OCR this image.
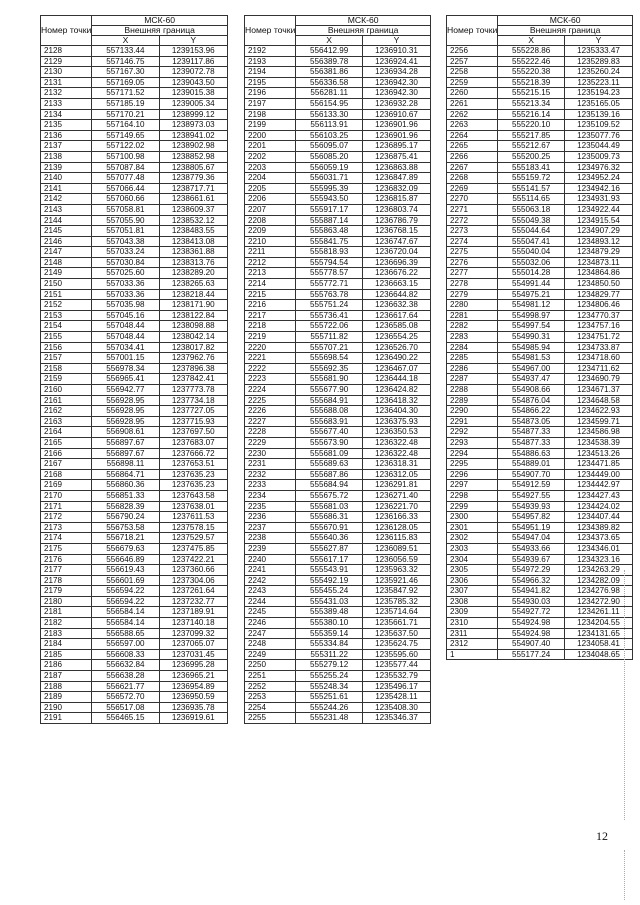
Номер точки	МСК-60	
	Внешняя граница	
	X	Y
2128	557133.44	1239153.96
2129	557146.75	1239117.86
2130	557167.30	1239072.78
2131	557169.05	1239043.50
2132	557171.52	1239015.38
2133	557185.19	1239005.34
2134	557170.21	1238999.12
2135	557164.10	1238973.03
2136	557149.65	1238941.02
2137	557122.02	1238902.98
2138	557100.98	1238852.98
2139	557087.84	1238805.67
2140	557077.48	1238779.36
2141	557066.44	1238717.71
2142	557060.66	1238661.61
2143	557058.81	1238609.37
2144	557055.90	1238532.12
2145	557051.81	1238483.55
2146	557043.38	1238413.08
2147	557033.24	1238361.88
2148	557030.84	1238313.76
2149	557025.60	1238289.20
2150	557033.36	1238265.63
2151	557033.36	1238218.44
2152	557035.98	1238171.90
2153	557045.16	1238122.84
2154	557048.44	1238098.88
2155	557048.44	1238042.14
2156	557034.41	1238017.82
2157	557001.15	1237962.76
2158	556978.34	1237896.38
2159	556965.41	1237842.41
2160	556942.77	1237773.78
2161	556928.95	1237734.18
2162	556928.95	1237727.05
2163	556928.95	1237715.93
2164	556908.61	1237697.50
2165	556897.67	1237683.07
2166	556897.67	1237666.72
2167	556898.11	1237653.51
2168	556864.71	1237635.23
2169	556860.36	1237635.23
2170	556851.33	1237643.58
2171	556828.39	1237638.01
2172	556790.24	1237611.53
2173	556753.58	1237578.15
2174	556718.21	1237529.57
2175	556679.63	1237475.85
2176	556646.89	1237422.21
2177	556619.43	1237360.66
2178	556601.69	1237304.06
2179	556594.22	1237261.64
2180	556594.22	1237232.77
2181	556584.14	1237189.91
2182	556584.14	1237140.18
2183	556588.65	1237099.32
2184	556597.00	1237065.07
2185	556608.33	1237031.45
2186	556632.84	1236995.28
2187	556638.28	1236965.21
2188	556621.77	1236954.89
2189	556572.70	1236950.59
2190	556517.08	1236935.78
2191	556465.15	1236919.61
Номер точки	МСК-60	
	Внешняя граница	
	X	Y
2192	556412.99	1236910.31
2193	556389.78	1236924.41
2194	556381.86	1236934.28
2195	556336.58	1236942.30
2196	556281.11	1236942.30
2197	556154.95	1236932.28
2198	556133.30	1236910.67
2199	556113.91	1236901.96
2200	556103.25	1236901.96
2201	556095.07	1236895.17
2202	556085.20	1236875.41
2203	556059.19	1236863.88
2204	556031.71	1236847.89
2205	555995.39	1236832.09
2206	555943.50	1236815.87
2207	555917.17	1236803.74
2208	555887.14	1236786.79
2209	555863.48	1236768.15
2210	555841.75	1236747.67
2211	555818.93	1236720.04
2212	555794.54	1236696.39
2213	555778.57	1236676.22
2214	555772.71	1236663.15
2215	555763.78	1236644.82
2216	555751.24	1236632.38
2217	555736.41	1236617.64
2218	555722.06	1236585.08
2219	555711.82	1236554.25
2220	555707.21	1236526.70
2221	555698.54	1236490.22
2222	555692.35	1236467.07
2223	555681.90	1236444.18
2224	555677.90	1236424.82
2225	555684.91	1236418.32
2226	555688.08	1236404.30
2227	555683.91	1236375.93
2228	555677.40	1236350.53
2229	555673.90	1236322.48
2230	555681.09	1236322.48
2231	555689.63	1236318.31
2232	555687.86	1236312.05
2233	555684.94	1236291.81
2234	555675.72	1236271.40
2235	555681.03	1236221.70
2236	555686.31	1236166.33
2237	555670.91	1236128.05
2238	555640.36	1236115.83
2239	555627.87	1236089.51
2240	555617.17	1236056.59
2241	555543.91	1235963.32
2242	555492.19	1235921.46
2243	555455.24	1235847.92
2244	555431.03	1235785.32
2245	555389.48	1235714.64
2246	555380.10	1235661.71
2247	555359.14	1235637.50
2248	555334.84	1235624.75
2249	555311.22	1235595.60
2250	555279.12	1235577.44
2251	555255.24	1235532.79
2252	555248.34	1235496.17
2253	555251.61	1235428.11
2254	555244.26	1235408.30
2255	555231.48	1235346.37
Номер точки	МСК-60	
	Внешняя граница	
	X	Y
2256	555228.86	1235333.47
2257	555222.46	1235289.83
2258	555220.38	1235260.24
2259	555218.39	1235223.11
2260	555215.15	1235194.23
2261	555213.34	1235165.05
2262	555216.14	1235139.16
2263	555220.10	1235109.52
2264	555217.85	1235077.76
2265	555212.67	1235044.49
2266	555200.25	1235009.73
2267	555183.41	1234976.32
2268	555159.72	1234952.24
2269	555141.57	1234942.16
2270	555114.65	1234931.93
2271	555063.18	1234922.44
2272	555049.38	1234915.54
2273	555044.64	1234907.29
2274	555047.41	1234893.12
2275	555040.04	1234879.29
2276	555032.06	1234873.11
2277	555014.28	1234864.86
2278	554991.44	1234850.50
2279	554975.21	1234829.77
2280	554981.12	1234806.46
2281	554998.97	1234770.37
2282	554997.54	1234757.16
2283	554990.31	1234751.72
2284	554985.94	1234733.87
2285	554981.53	1234718.60
2286	554967.00	1234711.62
2287	554937.47	1234690.79
2288	554908.66	1234671.37
2289	554876.04	1234648.58
2290	554866.22	1234622.93
2291	554873.05	1234599.71
2292	554877.33	1234586.98
2293	554877.33	1234538.39
2294	554886.63	1234513.26
2295	554889.01	1234471.85
2296	554907.70	1234449.00
2297	554912.59	1234442.97
2298	554927.55	1234427.43
2299	554939.93	1234424.02
2300	554957.82	1234407.44
2301	554951.19	1234389.82
2302	554947.04	1234373.65
2303	554933.66	1234346.01
2304	554939.67	1234323.16
2305	554972.29	1234263.29
2306	554966.32	1234282.09
2307	554941.82	1234276.98
2308	554930.03	1234272.90
2309	554927.72	1234261.11
2310	554924.98	1234204.55
2311	554924.98	1234131.65
2312	554907.40	1234058.41
1	555177.24	1234048.65
12
